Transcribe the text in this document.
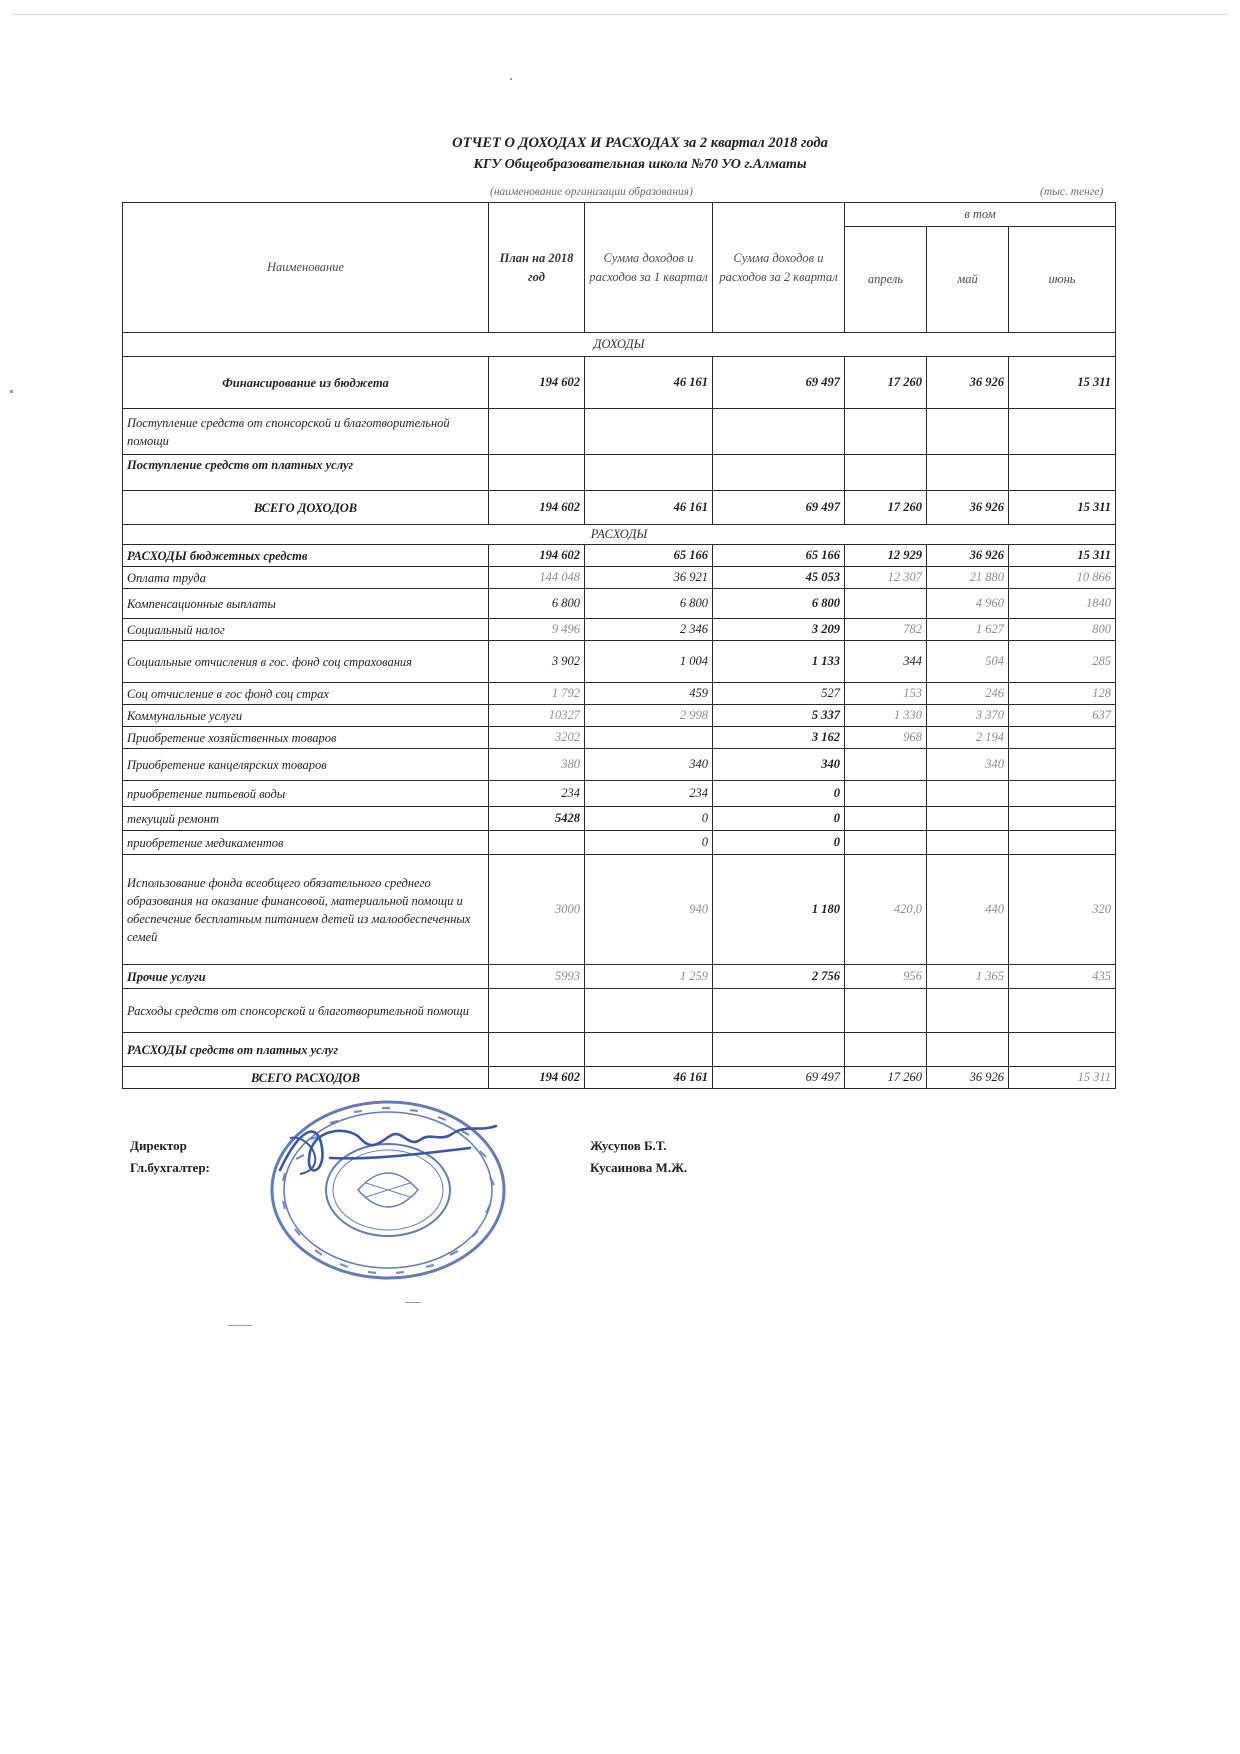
ОТЧЕТ О ДОХОДАХ И РАСХОДАХ за 2 квартал 2018 года
КГУ Общеобразовательная школа №70 УО г.Алматы
(наименование организации образования)	(тыс. тенге)
Наименование	План на 2018 год	Сумма доходов и расходов за 1 квартал	Сумма доходов и расходов за 2 квартал	в том		
				апрель	май	июнь
ДОХОДЫ						
Финансирование из бюджета	194 602	46 161	69 497	17 260	36 926	15 311
Поступление средств от спонсорской и благотворительной помощи						
Поступление средств от платных услуг						
ВСЕГО ДОХОДОВ	194 602	46 161	69 497	17 260	36 926	15 311
РАСХОДЫ						
РАСХОДЫ бюджетных средств	194 602	65 166	65 166	12 929	36 926	15 311
Оплата труда	144 048	36 921	45 053	12 307	21 880	10 866
Компенсационные выплаты	6 800	6 800	6 800		4 960	1840
Социальный налог	9 496	2 346	3 209	782	1 627	800
Социальные отчисления в гос. фонд соц страхования	3 902	1 004	1 133	344	504	285
Соц отчисление в гос фонд соц страх	1 792	459	527	153	246	128
Коммунальные услуги	10327	2 998	5 337	1 330	3 370	637
Приобретение хозяйственных товаров	3202		3 162	968	2 194	
Приобретение канцелярских товаров	380	340	340		340	
приобретение питьевой воды	234	234	0			
текущий ремонт	5428	0	0			
приобретение медикаментов		0	0			
Использование фонда всеобщего обязательного среднего образования на оказание финансовой, материальной помощи и обеспечение бесплатным питанием детей из малообеспеченных семей	3000	940	1 180	420,0	440	320
Прочие услуги	5993	1 259	2 756	956	1 365	435
Расходы средств от спонсорской и благотворительной помощи						
РАСХОДЫ средств от платных услуг						
ВСЕГО РАСХОДОВ	194 602	46 161	69 497	17 260	36 926	15 311
Директор	Жусупов Б.Т.
Гл.бухгалтер:	Кусаинова М.Ж.
